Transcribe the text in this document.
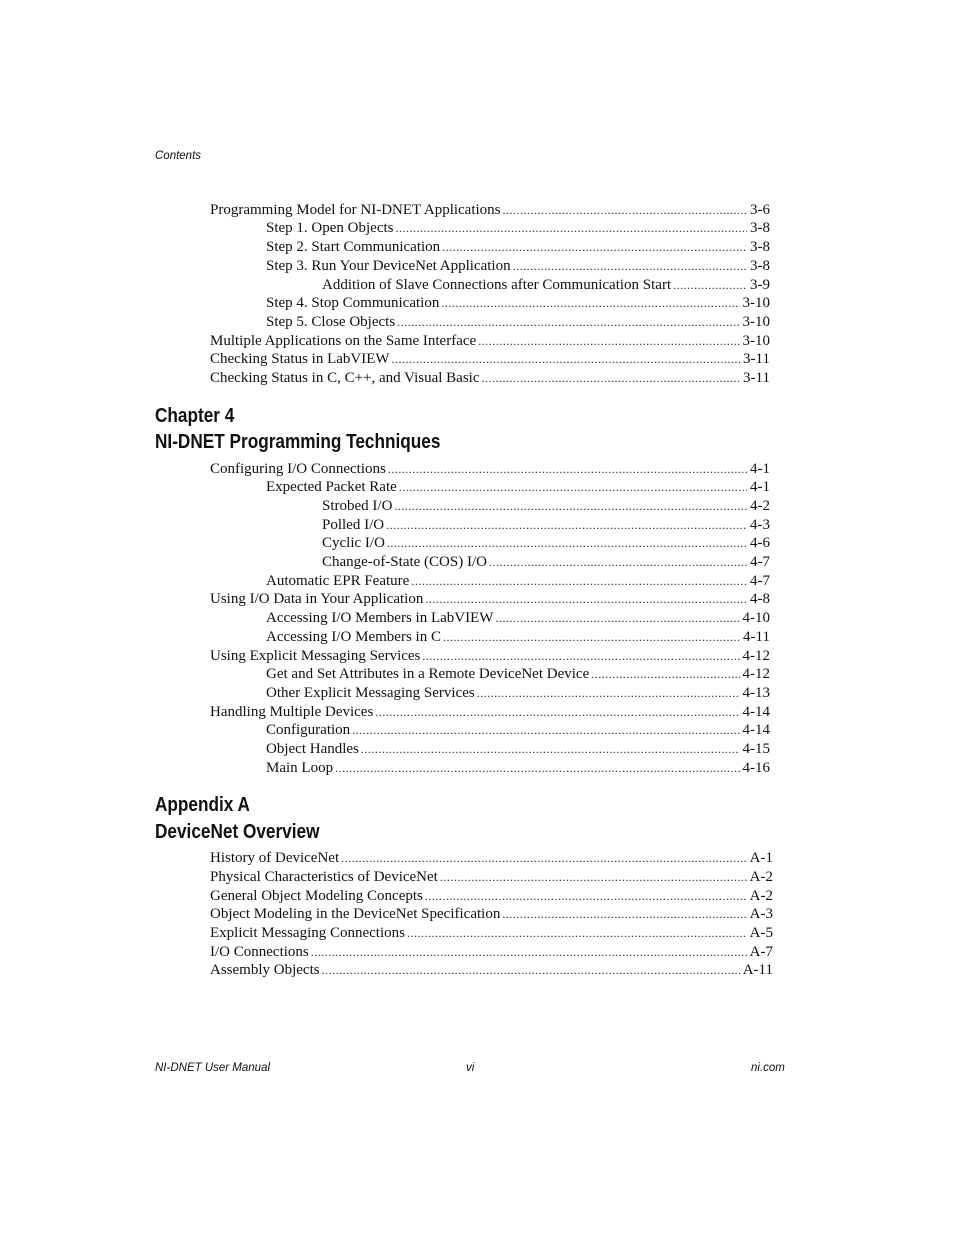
Contents
Programming Model for NI-DNET Applications .....	3-6
Step 1. Open Objects .....	3-8
Step 2. Start Communication .....	3-8
Step 3. Run Your DeviceNet Application .....	3-8
Addition of Slave Connections after Communication Start .....	3-9
Step 4. Stop Communication .....	3-10
Step 5. Close Objects .....	3-10
Multiple Applications on the Same Interface .....	3-10
Checking Status in LabVIEW .....	3-11
Checking Status in C, C++, and Visual Basic .....	3-11
Chapter 4
NI-DNET Programming Techniques
Configuring I/O Connections .....	4-1
Expected Packet Rate .....	4-1
Strobed I/O .....	4-2
Polled I/O .....	4-3
Cyclic I/O .....	4-6
Change-of-State (COS) I/O .....	4-7
Automatic EPR Feature .....	4-7
Using I/O Data in Your Application .....	4-8
Accessing I/O Members in LabVIEW .....	4-10
Accessing I/O Members in C .....	4-11
Using Explicit Messaging Services .....	4-12
Get and Set Attributes in a Remote DeviceNet Device .....	4-12
Other Explicit Messaging Services .....	4-13
Handling Multiple Devices .....	4-14
Configuration .....	4-14
Object Handles .....	4-15
Main Loop .....	4-16
Appendix A
DeviceNet Overview
History of DeviceNet .....	A-1
Physical Characteristics of DeviceNet .....	A-2
General Object Modeling Concepts .....	A-2
Object Modeling in the DeviceNet Specification .....	A-3
Explicit Messaging Connections .....	A-5
I/O Connections .....	A-7
Assembly Objects .....	A-11
NI-DNET User Manual	vi	ni.com
